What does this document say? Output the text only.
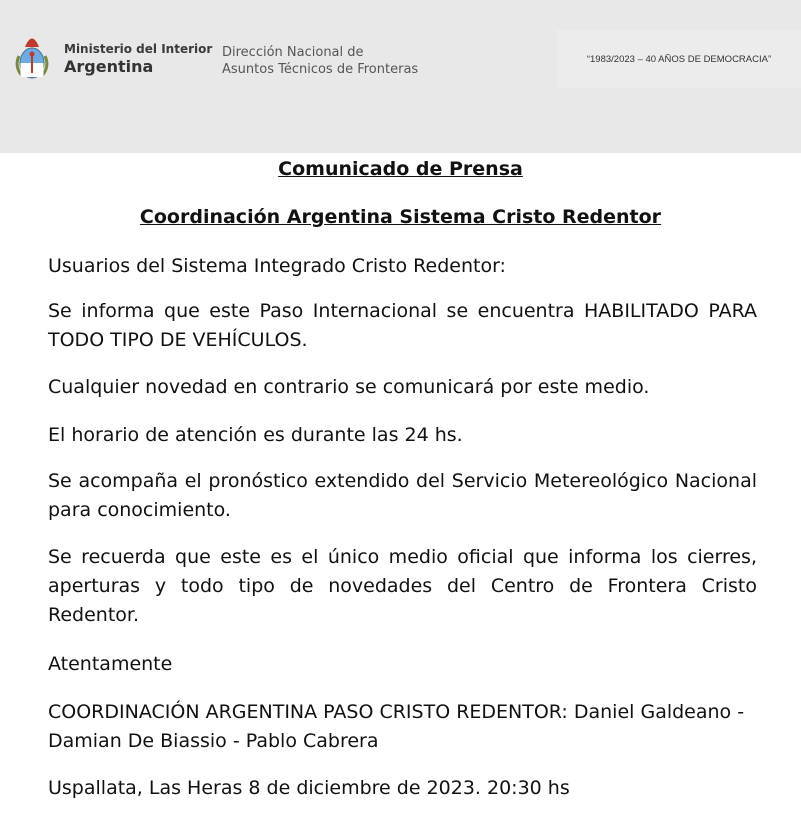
Ministerio del Interior
Argentina
Dirección Nacional de
Asuntos Técnicos de Fronteras
“1983/2023 – 40 AÑOS DE DEMOCRACIA”
Comunicado de Prensa
Coordinación Argentina Sistema Cristo Redentor

Usuarios del Sistema Integrado Cristo Redentor:

Se informa que este Paso Internacional se encuentra HABILITADO PARA TODO TIPO DE VEHÍCULOS.

Cualquier novedad en contrario se comunicará por este medio.

El horario de atención es durante las 24 hs.

Se acompaña el pronóstico extendido del Servicio Metereológico Nacional para conocimiento.

Se recuerda que este es el único medio oficial que informa los cierres, aperturas y todo tipo de novedades del Centro de Frontera Cristo Redentor.

Atentamente

COORDINACIÓN ARGENTINA PASO CRISTO REDENTOR: Daniel Galdeano - Damian De Biassio - Pablo Cabrera

Uspallata, Las Heras 8 de diciembre de 2023. 20:30 hs
